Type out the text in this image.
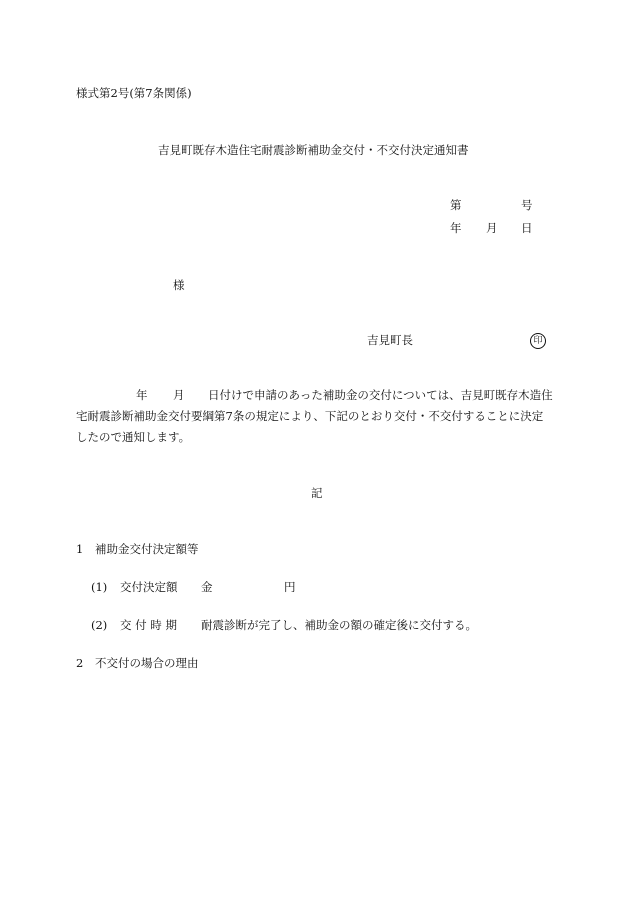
様式第2号(第7条関係)
吉見町既存木造住宅耐震診断補助金交付・不交付決定通知書
第	号
年 月 日
様
吉見町長	印
年 月 日付けで申請のあった補助金の交付については、吉見町既存木造住
宅耐震診断補助金交付要綱第7条の規定により、下記のとおり交付・不交付することに決定
したので通知します。
記
1 補助金交付決定額等
(1) 交付決定額 金	円
(2) 交 付 時 期 耐震診断が完了し、補助金の額の確定後に交付する。
2 不交付の場合の理由
